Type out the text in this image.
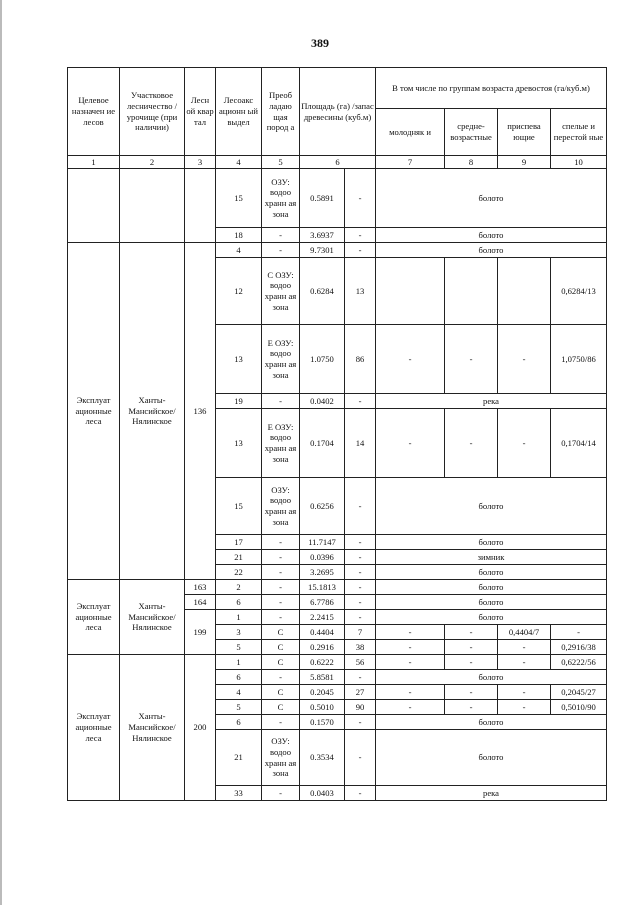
389
Целевое назначен ие лесов	Участковое лесничество /урочище (при наличии)	Лесн ой квар тал	Лесоакс ационн ый выдел	Преоб ладаю щая пород а	Площадь (га) /запас древесины (куб.м)		В том числе по группам возраста древостоя (га/куб.м)			
							молодняк и	средне-возрастные	приспева ющие	спелые и перестой ные
1	2	3	4	5	6		7	8	9	10
			15	ОЗУ: водоо хранн ая зона	0.5891	-	болото			
			18	-	3.6937	-	болото			
Эксплуат ационные леса	Ханты-Мансийское/ Нялинское	136	4	-	9.7301	-	болото			
			12	С ОЗУ: водоо хранн ая зона	0.6284	13				0,6284/13
			13	Е ОЗУ: водоо хранн ая зона	1.0750	86	-	-	-	1,0750/86
			19	-	0.0402	-	река			
			13	Е ОЗУ: водоо хранн ая зона	0.1704	14	-	-	-	0,1704/14
			15	ОЗУ: водоо хранн ая зона	0.6256	-	болото			
			17	-	11.7147	-	болото			
			21	-	0.0396	-	зимник			
			22	-	3.2695	-	болото			
Эксплуат ационные леса	Ханты-Мансийское/ Нялинское	163	2	-	15.1813	-	болото			
		164	6	-	6.7786	-	болото			
		199	1	-	2.2415	-	болото			
			3	С	0.4404	7	-	-	0,4404/7	-
			5	С	0.2916	38	-	-	-	0,2916/38
Эксплуат ационные леса	Ханты-Мансийское/ Нялинское	200	1	С	0.6222	56	-	-	-	0,6222/56
			6	-	5.8581	-	болото			
			4	С	0.2045	27	-	-	-	0,2045/27
			5	С	0.5010	90	-	-	-	0,5010/90
			6	-	0.1570	-	болото			
			21	ОЗУ: водоо хранн ая зона	0.3534	-	болото			
			33	-	0.0403	-	река			
